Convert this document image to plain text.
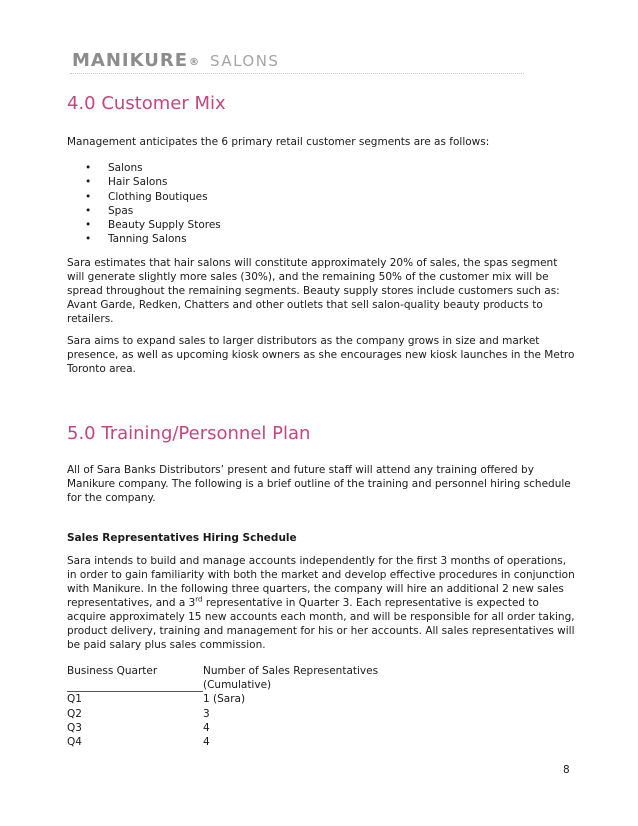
MANIKURE® SALONS
4.0 Customer Mix

Management anticipates the 6 primary retail customer segments are as follows:

• Salons
• Hair Salons
• Clothing Boutiques
• Spas
• Beauty Supply Stores
• Tanning Salons

Sara estimates that hair salons will constitute approximately 20% of sales, the spas segment will generate slightly more sales (30%), and the remaining 50% of the customer mix will be spread throughout the remaining segments. Beauty supply stores include customers such as: Avant Garde, Redken, Chatters and other outlets that sell salon-quality beauty products to retailers.

Sara aims to expand sales to larger distributors as the company grows in size and market presence, as well as upcoming kiosk owners as she encourages new kiosk launches in the Metro Toronto area.

5.0 Training/Personnel Plan

All of Sara Banks Distributors’ present and future staff will attend any training offered by Manikure company. The following is a brief outline of the training and personnel hiring schedule for the company.

Sales Representatives Hiring Schedule

Sara intends to build and manage accounts independently for the first 3 months of operations, in order to gain familiarity with both the market and develop effective procedures in conjunction with Manikure. In the following three quarters, the company will hire an additional 2 new sales representatives, and a 3rd representative in Quarter 3. Each representative is expected to acquire approximately 15 new accounts each month, and will be responsible for all order taking, product delivery, training and management for his or her accounts. All sales representatives will be paid salary plus sales commission.

Business Quarter	Number of Sales Representatives (Cumulative)
Q1	1 (Sara)
Q2	3
Q3	4
Q4	4
8
